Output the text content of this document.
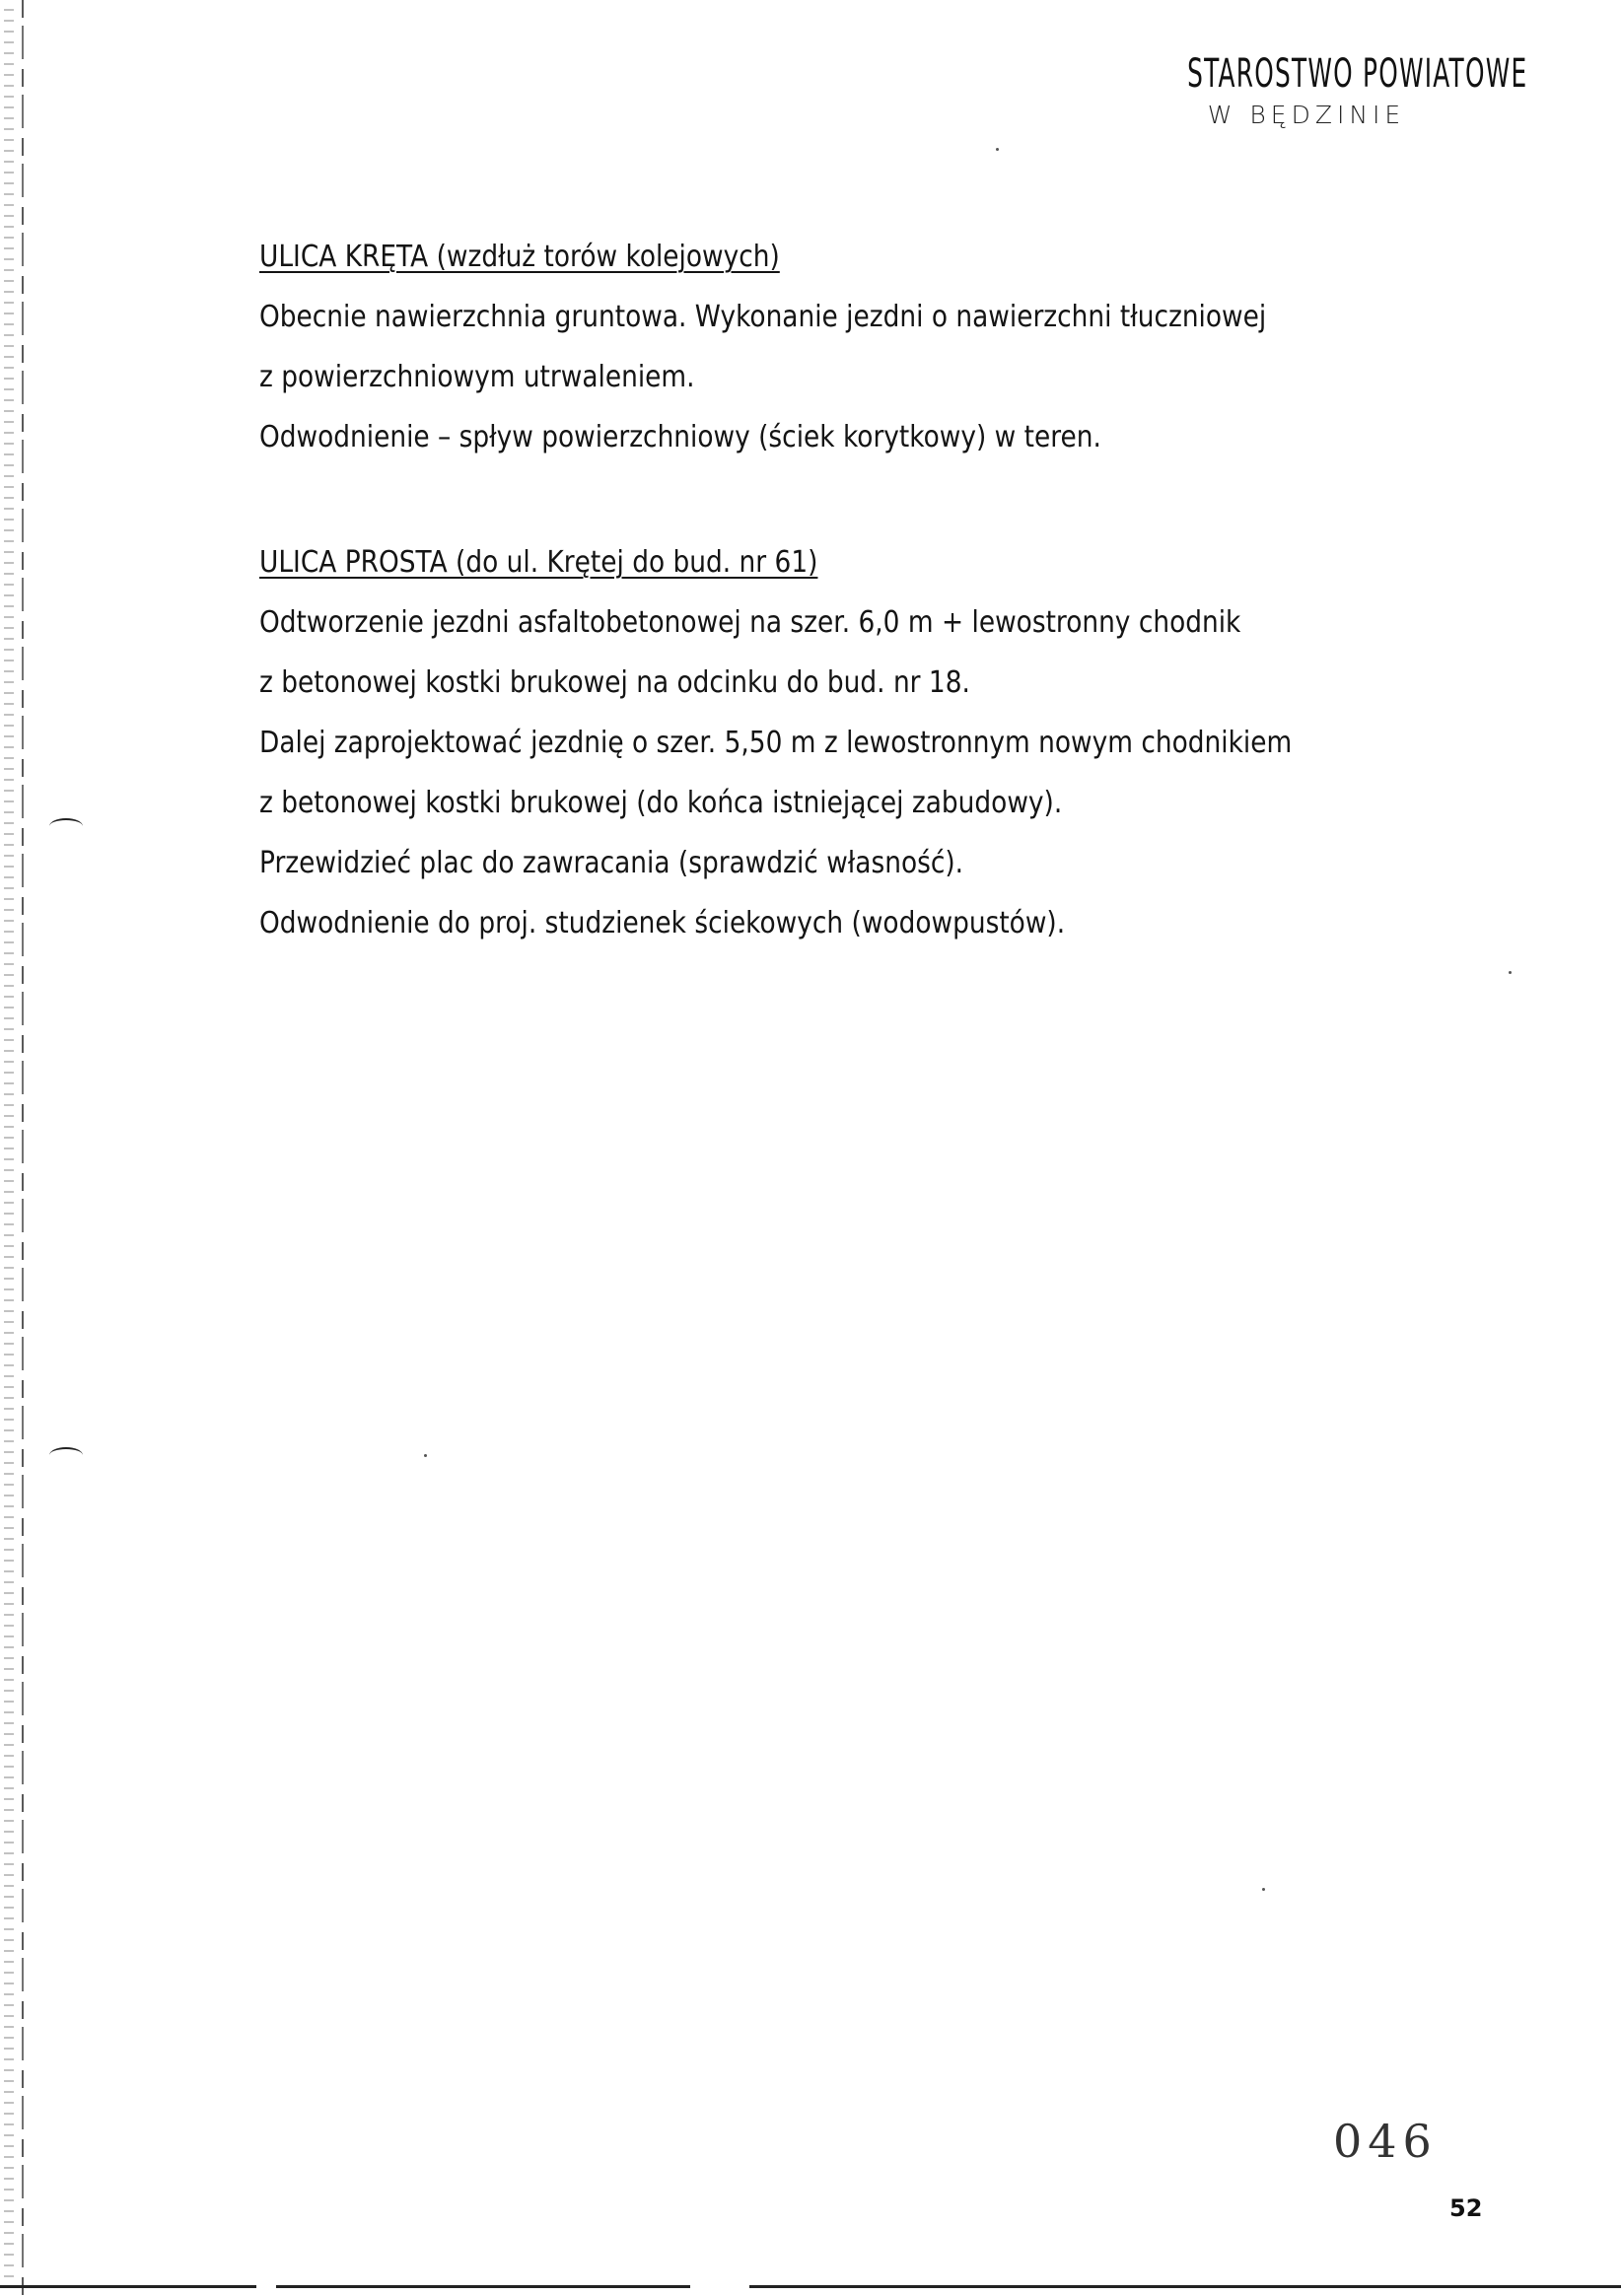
STAROSTWO POWIATOWE
W BĘDZINIE
ULICA KRĘTA (wzdłuż torów kolejowych)
Obecnie nawierzchnia gruntowa. Wykonanie jezdni o nawierzchni tłuczniowej
z powierzchniowym utrwaleniem.
Odwodnienie – spływ powierzchniowy (ściek korytkowy) w teren.
ULICA PROSTA (do ul. Krętej do bud. nr 61)
Odtworzenie jezdni asfaltobetonowej na szer. 6,0 m + lewostronny chodnik
z betonowej kostki brukowej na odcinku do bud. nr 18.
Dalej zaprojektować jezdnię o szer. 5,50 m z lewostronnym nowym chodnikiem
z betonowej kostki brukowej (do końca istniejącej zabudowy).
Przewidzieć plac do zawracania (sprawdzić własność).
Odwodnienie do proj. studzienek ściekowych (wodowpustów).
046
52
